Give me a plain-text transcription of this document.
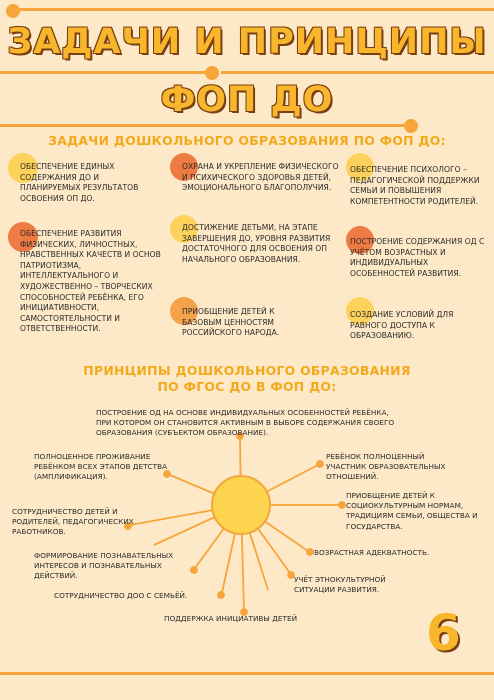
ЗАДАЧИ И ПРИНЦИПЫ
ФОП ДО
ЗАДАЧИ ДОШКОЛЬНОГО ОБРАЗОВАНИЯ ПО ФОП ДО:
ОБЕСПЕЧЕНИЕ ЕДИНЫХ СОДЕРЖАНИЯ ДО И ПЛАНИРУЕМЫХ РЕЗУЛЬТАТОВ ОСВОЕНИЯ ОП ДО.
ОХРАНА И УКРЕПЛЕНИЕ ФИЗИЧЕСКОГО И ПСИХИЧЕСКОГО ЗДОРОВЬЯ ДЕТЕЙ, ЭМОЦИОНАЛЬНОГО БЛАГОПОЛУЧИЯ.
ОБЕСПЕЧЕНИЕ ПСИХОЛОГО – ПЕДАГОГИЧЕСКОЙ ПОДДЕРЖКИ СЕМЬИ И ПОВЫШЕНИЯ КОМПЕТЕНТНОСТИ РОДИТЕЛЕЙ.
ОБЕСПЕЧЕНИЕ РАЗВИТИЯ ФИЗИЧЕСКИХ, ЛИЧНОСТНЫХ, НРАВСТВЕННЫХ КАЧЕСТВ И ОСНОВ ПАТРИОТИЗМА, ИНТЕЛЛЕКТУАЛЬНОГО И ХУДОЖЕСТВЕННО – ТВОРЧЕСКИХ СПОСОБНОСТЕЙ РЕБЁНКА, ЕГО ИНИЦИАТИВНОСТИ, САМОСТОЯТЕЛЬНОСТИ И ОТВЕТСТВЕННОСТИ.
ДОСТИЖЕНИЕ ДЕТЬМИ, НА ЭТАПЕ ЗАВЕРШЕНИЯ ДО, УРОВНЯ РАЗВИТИЯ ДОСТАТОЧНОГО ДЛЯ ОСВОЕНИЯ ОП НАЧАЛЬНОГО ОБРАЗОВАНИЯ.
ПОСТРОЕНИЕ СОДЕРЖАНИЯ ОД С УЧЁТОМ ВОЗРАСТНЫХ И ИНДИВИДУАЛЬНЫХ ОСОБЕННОСТЕЙ РАЗВИТИЯ.
ПРИОБЩЕНИЕ ДЕТЕЙ К БАЗОВЫМ ЦЕННОСТЯМ РОССИЙСКОГО НАРОДА.
СОЗДАНИЕ УСЛОВИЙ ДЛЯ РАВНОГО ДОСТУПА К ОБРАЗОВАНИЮ.
ПРИНЦИПЫ ДОШКОЛЬНОГО ОБРАЗОВАНИЯ
ПО ФГОС ДО В ФОП ДО:
ПОСТРОЕНИЕ ОД НА ОСНОВЕ ИНДИВИДУАЛЬНЫХ ОСОБЕННОСТЕЙ РЕБЁНКА, ПРИ КОТОРОМ ОН СТАНОВИТСЯ АКТИВНЫМ В ВЫБОРЕ СОДЕРЖАНИЯ СВОЕГО ОБРАЗОВАНИЯ (СУБЪЕКТОМ ОБРАЗОВАНИЕ).
ПОЛНОЦЕННОЕ ПРОЖИВАНИЕ РЕБЁНКОМ ВСЕХ ЭТАПОВ ДЕТСТВА (АМПЛИФИКАЦИЯ).
РЕБЁНОК ПОЛНОЦЕННЫЙ УЧАСТНИК ОБРАЗОВАТЕЛЬНЫХ ОТНОШЕНИЙ.
СОТРУДНИЧЕСТВО ДЕТЕЙ И РОДИТЕЛЕЙ, ПЕДАГОГИЧЕСКИХ РАБОТНИКОВ.
ПРИОБЩЕНИЕ ДЕТЕЙ К СОЦИОКУЛЬТУРНЫМ НОРМАМ, ТРАДИЦИЯМ СЕМЬИ, ОБЩЕСТВА И ГОСУДАРСТВА.
ФОРМИРОВАНИЕ ПОЗНАВАТЕЛЬНЫХ ИНТЕРЕСОВ И ПОЗНАВАТЕЛЬНЫХ ДЕЙСТВИЙ.
ВОЗРАСТНАЯ АДЕКВАТНОСТЬ.
УЧЁТ ЭТНОКУЛЬТУРНОЙ СИТУАЦИИ РАЗВИТИЯ.
СОТРУДНИЧЕСТВО ДОО С СЕМЬЁЙ.
ПОДДЕРЖКА ИНИЦИАТИВЫ ДЕТЕЙ	6
